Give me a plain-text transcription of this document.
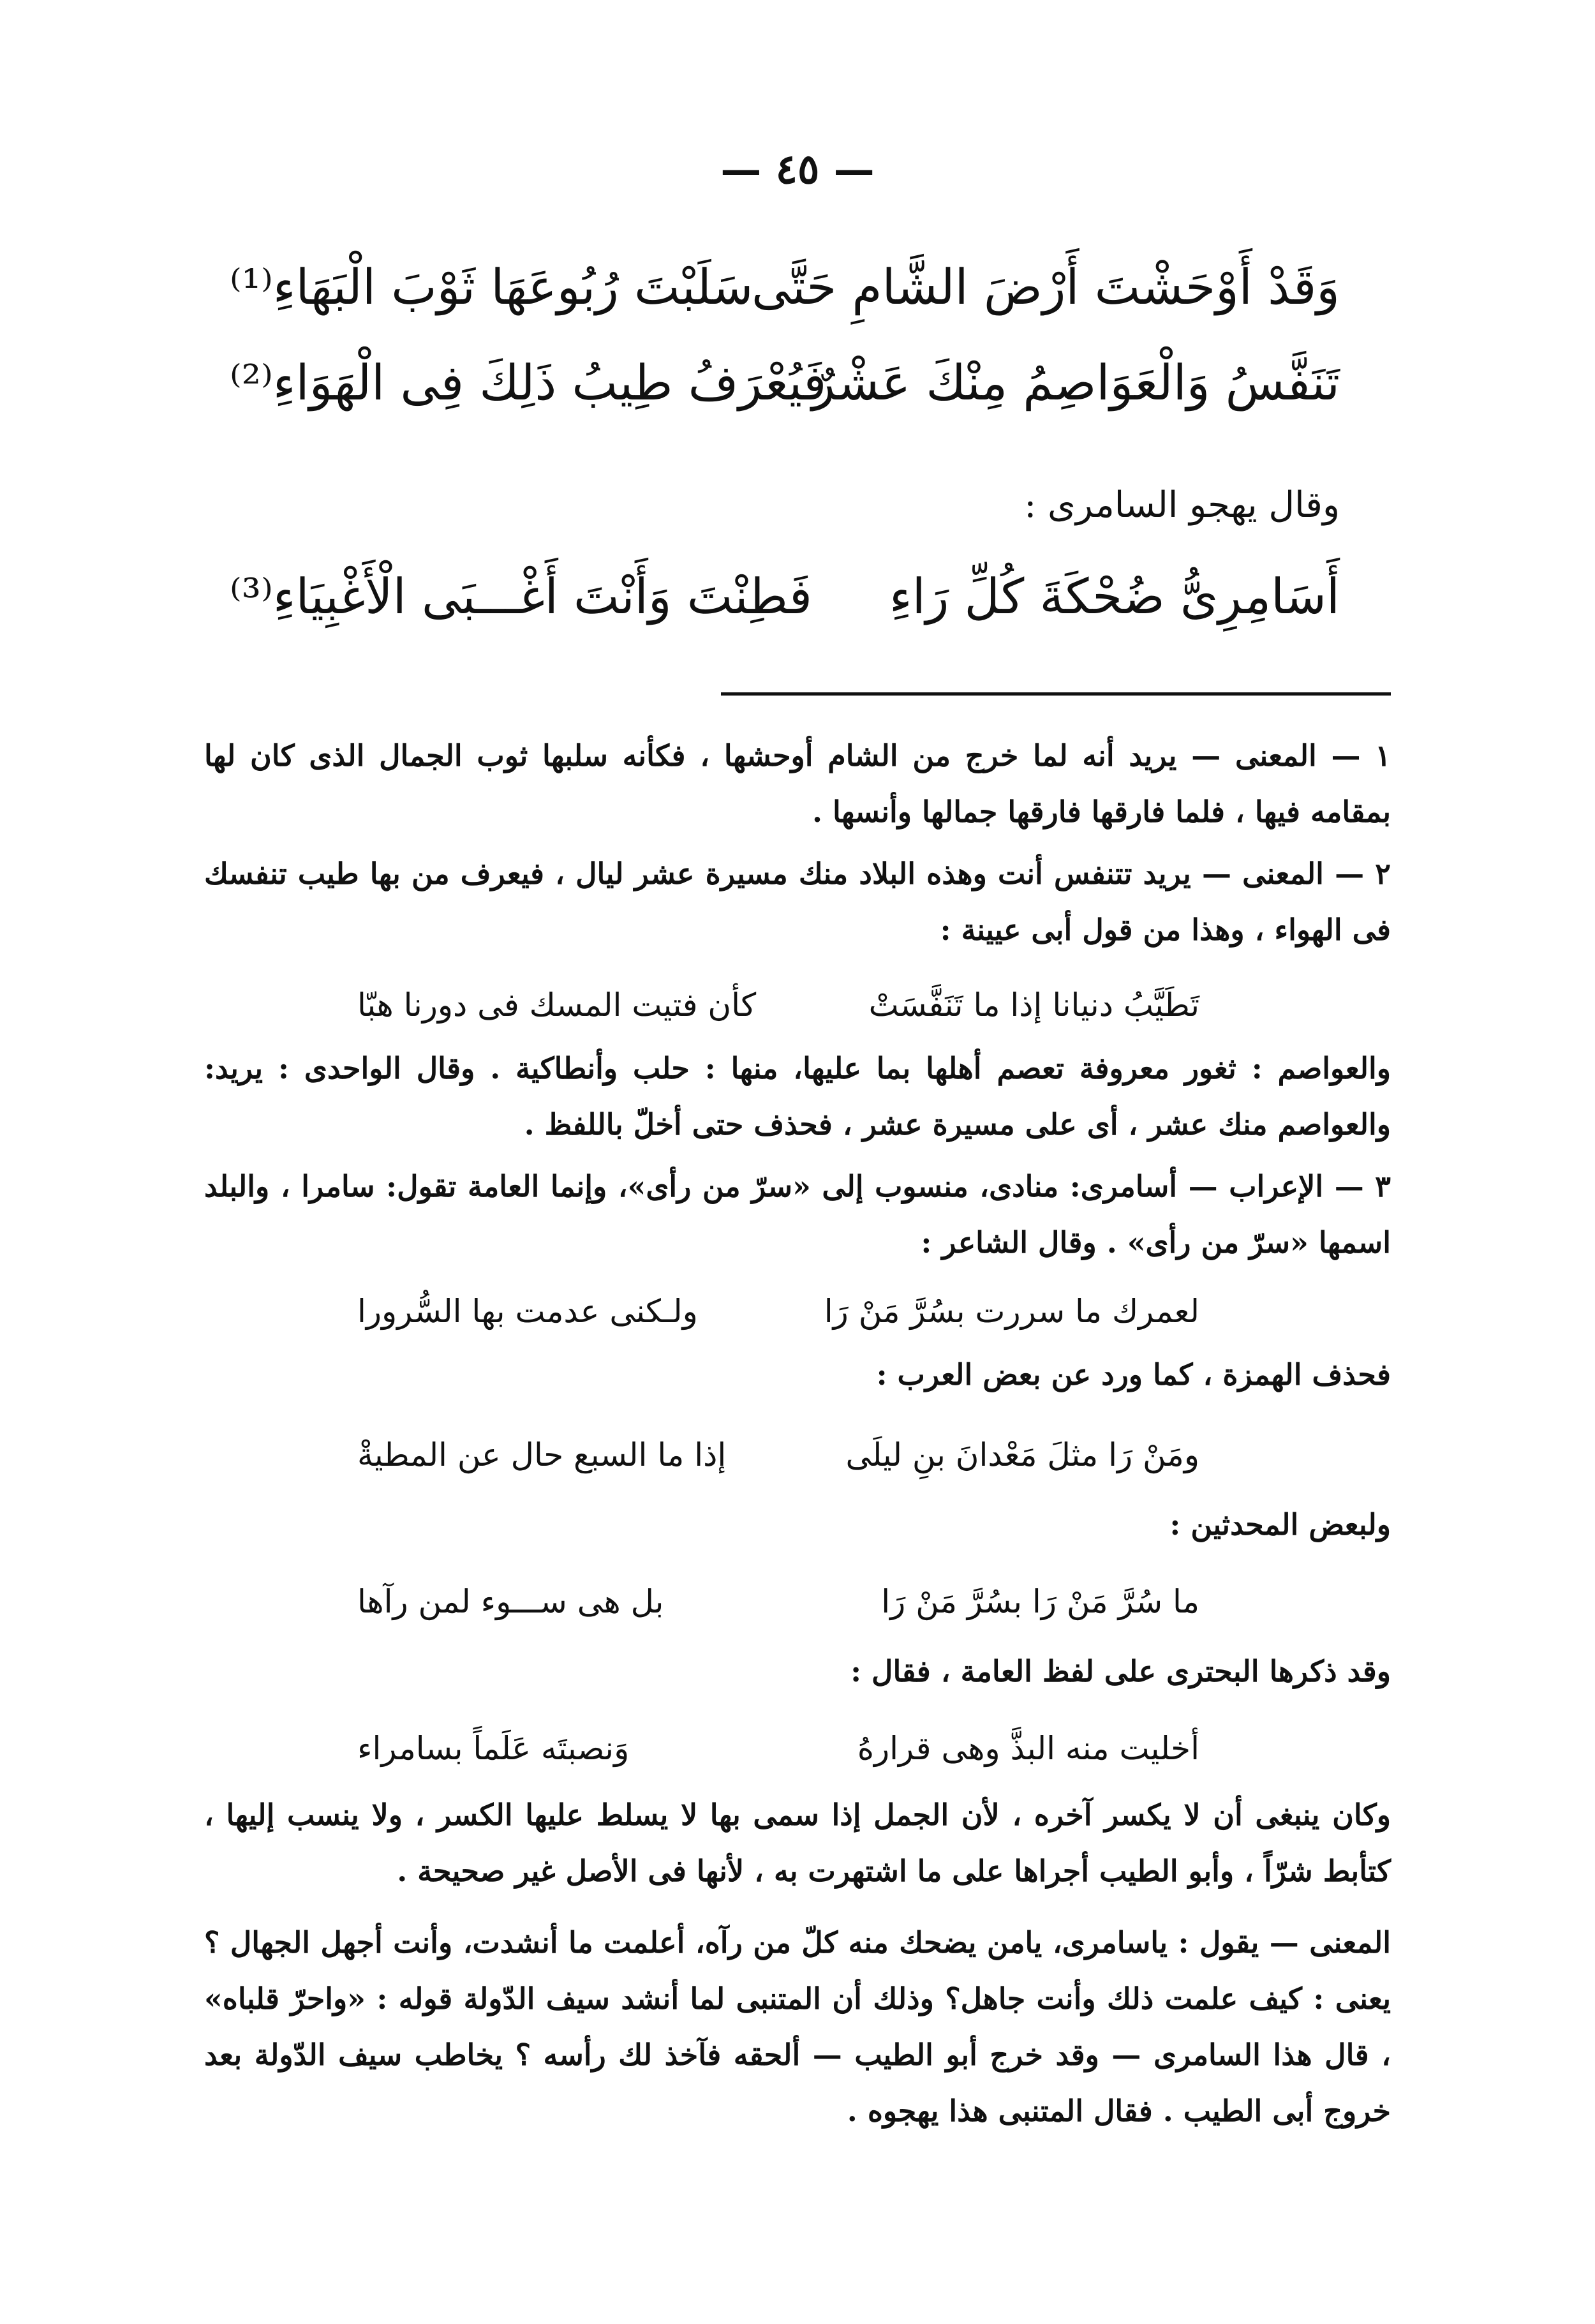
— ٤٥ —
وَقَدْ أَوْحَشْتَ أَرْضَ الشَّامِ حَتَّى
سَلَبْتَ رُبُوعَهَا ثَوْبَ الْبَهَاءِ⁽¹⁾
تَنَفَّسُ وَالْعَوَاصِمُ مِنْكَ عَشْرٌ
فَيُعْرَفُ طِيبُ ذَلِكَ فِى الْهَوَاءِ⁽²⁾
وقال يهجو السامرى :
أَسَامِرِىُّ ضُحْكَةَ كُلِّ رَاءِ
فَطِنْتَ وَأَنْتَ أَغْـــبَى الْأَغْبِيَاءِ⁽³⁾
١ — المعنى — يريد أنه لما خرج من الشام أوحشها ، فكأنه سلبها ثوب الجمال الذى كان لها بمقامه فيها ، فلما فارقها فارقها جمالها وأنسها .
٢ — المعنى — يريد تتنفس أنت وهذه البلاد منك مسيرة عشر ليال ، فيعرف من بها طيب تنفسك فى الهواء ، وهذا من قول أبى عيينة :
تَطَيَّبُ دنيانا إذا ما تَنَفَّسَتْ
كأن فتيت المسك فى دورنا هبّا
والعواصم : ثغور معروفة تعصم أهلها بما عليها، منها : حلب وأنطاكية . وقال الواحدى : يريد: والعواصم منك عشر ، أى على مسيرة عشر ، فحذف حتى أخلّ باللفظ .
٣ — الإعراب — أسامرى: منادى، منسوب إلى «سرّ من رأى»، وإنما العامة تقول: سامرا ، والبلد اسمها «سرّ من رأى» . وقال الشاعر :
لعمرك ما سررت بسُرَّ مَنْ رَا
ولـكنى عدمت بها السُّرورا
فحذف الهمزة ، كما ورد عن بعض العرب :
ومَنْ رَا مثلَ مَعْدانَ بنِ ليلَى
إذا ما السبع حال عن المطيةْ
ولبعض المحدثين :
ما سُرَّ مَنْ رَا بسُرَّ مَنْ رَا
بل هى ســـوء لمن رآها
وقد ذكرها البحترى على لفظ العامة ، فقال :
أخليت منه البذَّ وهى قرارهُ
وَنصبتَه عَلَماً بسامراء
وكان ينبغى أن لا يكسر آخره ، لأن الجمل إذا سمى بها لا يسلط عليها الكسر ، ولا ينسب إليها ، كتأبط شرّاً ، وأبو الطيب أجراها على ما اشتهرت به ، لأنها فى الأصل غير صحيحة .
المعنى — يقول : ياسامرى، يامن يضحك منه كلّ من رآه، أعلمت ما أنشدت، وأنت أجهل الجهال ؟ يعنى : كيف علمت ذلك وأنت جاهل؟ وذلك أن المتنبى لما أنشد سيف الدّولة قوله : «واحرّ قلباه» ، قال هذا السامرى — وقد خرج أبو الطيب — ألحقه فآخذ لك رأسه ؟ يخاطب سيف الدّولة بعد خروج أبى الطيب . فقال المتنبى هذا يهجوه .
